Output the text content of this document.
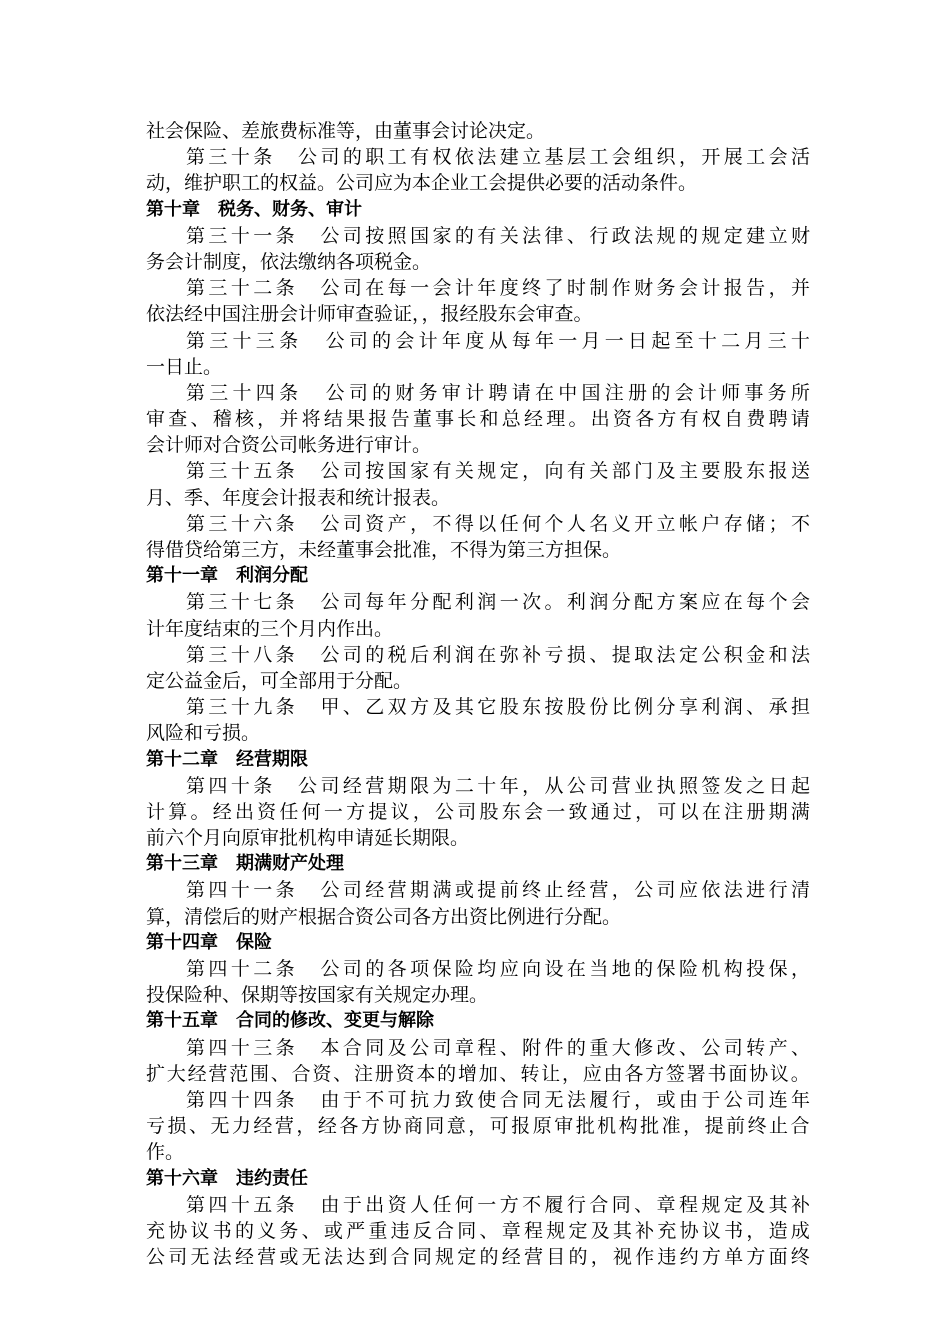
社会保险、差旅费标准等，由董事会讨论决定。
第 三 十 条
　 公 司 的 职 工 有 权 依 法 建 立 基 层 工 会 组 织 ， 开 展 工 会 活
动，维护职工的权益。公司应为本企业工会提供必要的活动条件。
第十章　税务、财务、审计
第 三 十 一 条
　 公 司 按 照 国 家 的 有 关 法 律 、 行 政 法 规 的 规 定 建 立 财
务会计制度，依法缴纳各项税金。
第 三 十 二 条
　 公 司 在 每 一 会 计 年 度 终 了 时 制 作 财 务 会 计 报 告 ， 并
依法经中国注册会计师审查验证，，报经股东会审查。
第 三 十 三 条
　 公 司 的 会 计 年 度 从 每 年 一 月 一 日 起 至 十 二 月 三 十
一日止。
第 三 十 四 条
　 公 司 的 财 务 审 计 聘 请 在 中 国 注 册 的 会 计 师 事 务 所
审 查 、 稽 核 ， 并 将 结 果 报 告 董 事 长 和 总 经 理 。 出 资 各 方 有 权 自 费 聘 请
会计师对合资公司帐务进行审计。
第 三 十 五 条
　 公 司 按 国 家 有 关 规 定 ， 向 有 关 部 门 及 主 要 股 东 报 送
月、季、年度会计报表和统计报表。
第 三 十 六 条
　 公 司 资 产 ， 不 得 以 任 何 个 人 名 义 开 立 帐 户 存 储 ； 不
得借贷给第三方，未经董事会批准，不得为第三方担保。
第十一章　利润分配
第 三 十 七 条
　 公 司 每 年 分 配 利 润 一 次 。 利 润 分 配 方 案 应 在 每 个 会
计年度结束的三个月内作出。
第 三 十 八 条
　 公 司 的 税 后 利 润 在 弥 补 亏 损 、 提 取 法 定 公 积 金 和 法
定公益金后，可全部用于分配。
第 三 十 九 条
　 甲 、 乙 双 方 及 其 它 股 东 按 股 份 比 例 分 享 利 润 、 承 担
风险和亏损。
第十二章　经营期限
第 四 十 条
　 公 司 经 营 期 限 为 二 十 年 ， 从 公 司 营 业 执 照 签 发 之 日 起
计 算 。 经 出 资 任 何 一 方 提 议 ， 公 司 股 东 会 一 致 通 过 ， 可 以 在 注 册 期 满
前六个月向原审批机构申请延长期限。
第十三章　期满财产处理
第 四 十 一 条
　 公 司 经 营 期 满 或 提 前 终 止 经 营 ， 公 司 应 依 法 进 行 清
算，清偿后的财产根据合资公司各方出资比例进行分配。
第十四章　保险
第 四 十 二 条
　 公 司 的 各 项 保 险 均 应 向 设 在 当 地 的 保 险 机 构 投 保 ，
投保险种、保期等按国家有关规定办理。
第十五章　合同的修改、变更与解除
第 四 十 三 条
　 本 合 同 及 公 司 章 程 、 附 件 的 重 大 修 改 、 公 司 转 产 、
扩 大 经 营 范 围 、 合 资 、 注 册 资 本 的 增 加 、 转 让 ， 应 由 各 方 签 署 书 面 协 议 。
第 四 十 四 条
　 由 于 不 可 抗 力 致 使 合 同 无 法 履 行 ， 或 由 于 公 司 连 年
亏 损 、 无 力 经 营 ， 经 各 方 协 商 同 意 ， 可 报 原 审 批 机 构 批 准 ， 提 前 终 止 合
作。
第十六章　违约责任
第 四 十 五 条
　 由 于 出 资 人 任 何 一 方 不 履 行 合 同 、 章 程 规 定 及 其 补
充 协 议 书 的 义 务 、 或 严 重 违 反 合 同 、 章 程 规 定 及 其 补 充 协 议 书 ， 造 成
公 司 无 法 经 营 或 无 法 达 到 合 同 规 定 的 经 营 目 的 ， 视 作 违 约 方 单 方 面 终
